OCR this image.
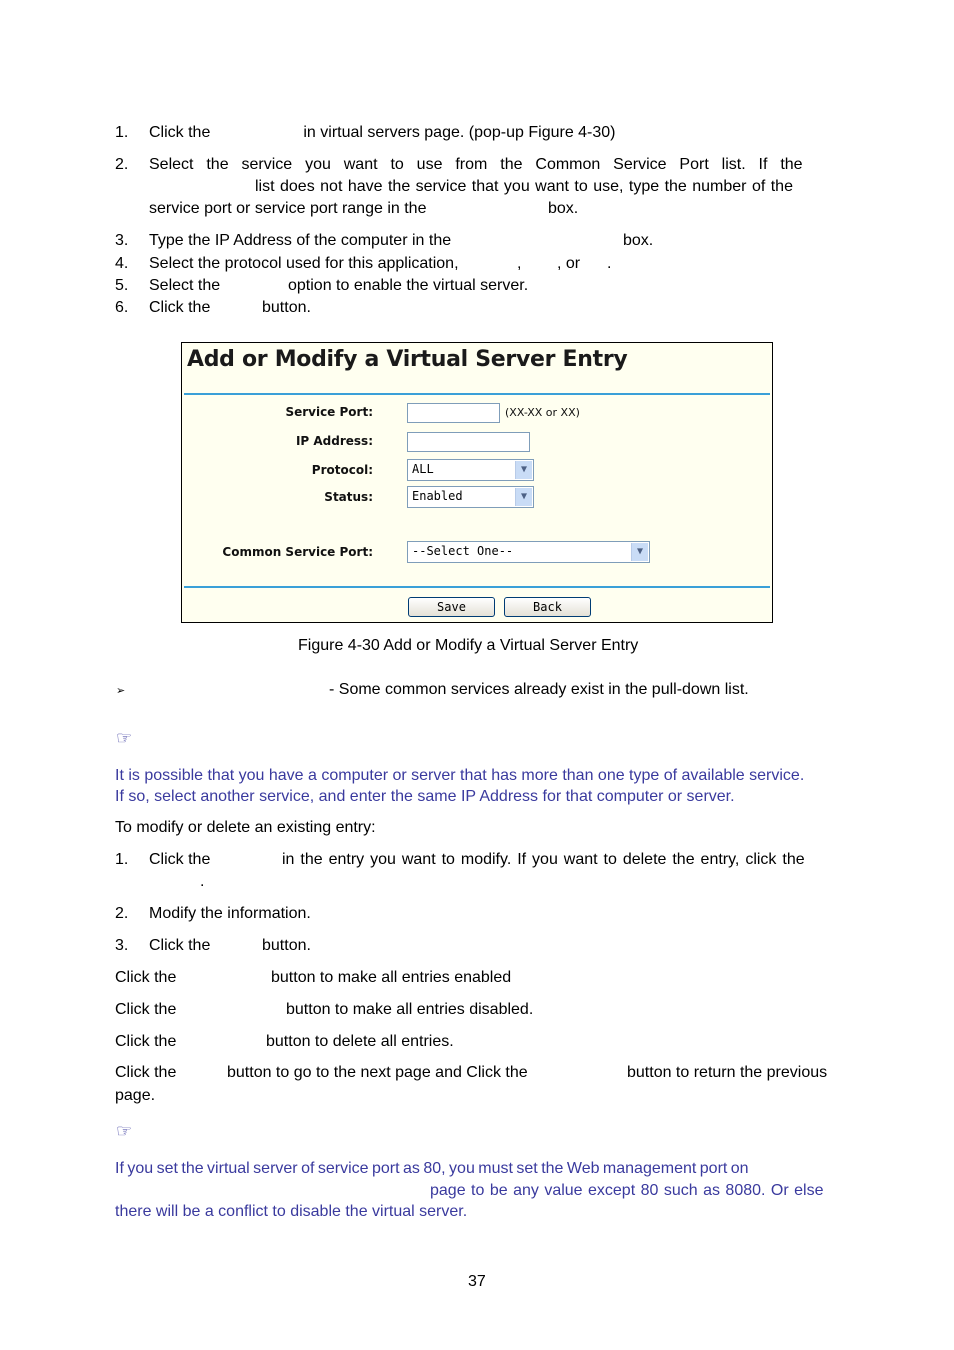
1. Click the	in virtual servers page. (pop-up Figure 4-30)
2. Select  the  service  you  want  to  use  from  the  Common  Service  Port  list.  If  the
list does not have the service that you want to use, type the number of the
service port or service port range in the	box.
3. Type the IP Address of the computer in the	box.
4. Select the protocol used for this application,	, , or .
5. Select the	option to enable the virtual server.
6. Click the	button.
Add or Modify a Virtual Server Entry
Service Port:	(XX-XX or XX)
IP Address:
Protocol:	ALL	▼
Status:	Enabled	▼
Common Service Port:	--Select One--	▼
Save	Back
Figure 4-30 Add or Modify a Virtual Server Entry
➢	- Some common services already exist in the pull-down list.
☞
It is possible that you have a computer or server that has more than one type of available service.
If so, select another service, and enter the same IP Address for that computer or server.
To modify or delete an existing entry:
1. Click the	in the entry you want to modify. If you want to delete the entry, click the
.
2. Modify the information.
3. Click the	button.
Click the	button to make all entries enabled
Click the	button to make all entries disabled.
Click the	button to delete all entries.
Click the	button to go to the next page and Click the	button to return the previous
page.
☞
If you set the virtual server of service port as 80, you must set the Web management port on
page to be any value except 80 such as 8080. Or else
there will be a conflict to disable the virtual server.
37
